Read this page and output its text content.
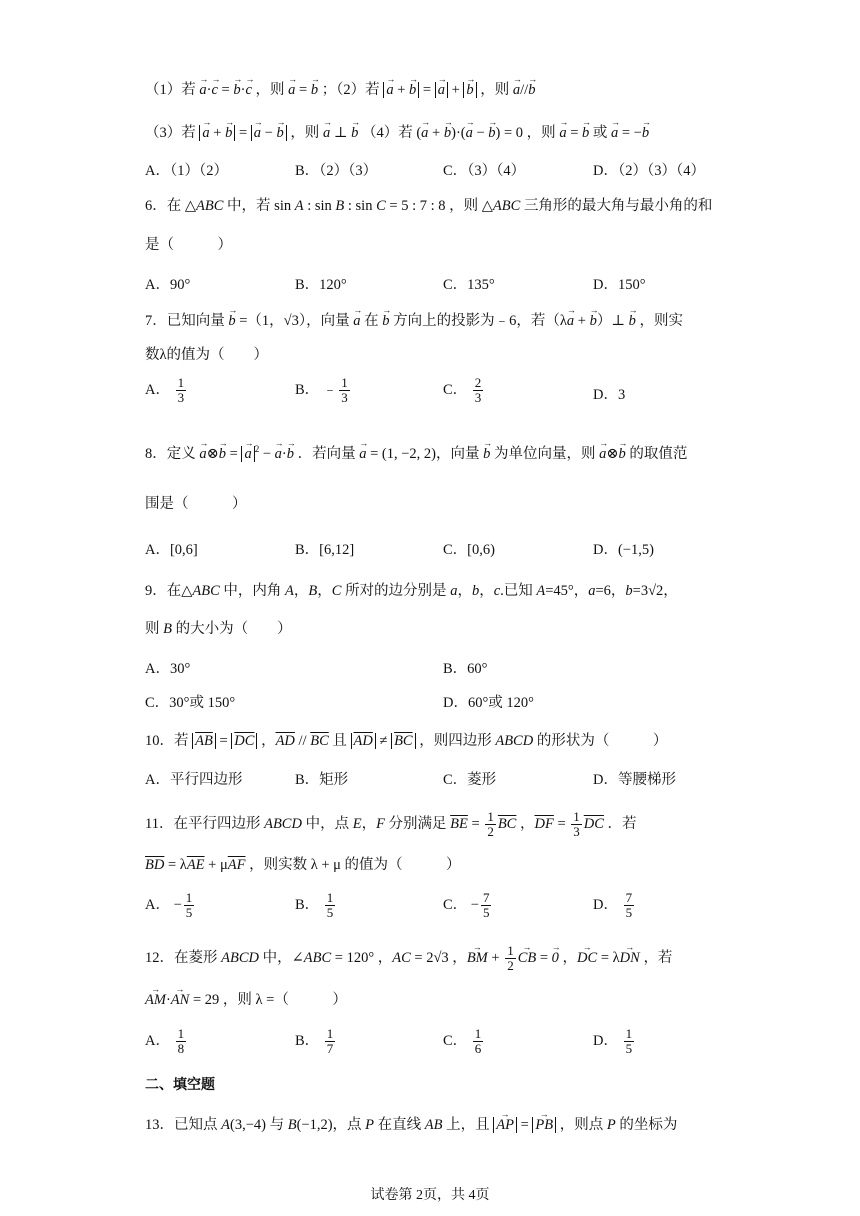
（1）若 → a·→ c = → b·→ c ，则 → a = → b ；（2）若 → a + → b = → a + → b ，则 → a//→ b
（3）若 → a + → b = → a − → b ，则 → a ⊥ → b （4）若 (→ a + → b)·(→ a − → b) = 0 ，则 → a = → b 或 → a = −→ b
A．（1）（2）	B．（2）（3）	C．（3）（4）	D．（2）（3）（4）
6．在 △ABC 中，若 sin A : sin B : sin C = 5 : 7 : 8 ，则 △ABC 三角形的最大角与最小角的和
是（　　　）
A．90°	B．120°	C．135°	D．150°
7．已知向量 → b =（1，√3），向量 → a 在 → b 方向上的投影为﹣6，若（λ→ a + → b）⊥ → b ，则实
数λ的值为（　　）
A． $\frac{1}{3}$	B． ﹣ $\frac{1}{3}$	C． $\frac{2}{3}$	D．3
8．定义 → a⊗→ b = → a $^2$ − → a·→ b ．若向量 → a = (1, −2, 2)，向量 → b 为单位向量，则 → a⊗→ b 的取值范
围是（　　　）
A．[0,6]	B．[6,12]	C．[0,6)	D．(−1,5)
9．在△ABC 中，内角 A，B，C 所对的边分别是 a，b，c.已知 A=45°，a=6，b=3√2，
则 B 的大小为（　　）
A．30°	B．60°
C．30°或 150°	D．60°或 120°
10．若 $\overline{AB} = \overline{DC}$ ，$\overline{AD} // \overline{BC}$ 且 $\overline{AD} \ne \overline{BC}$ ，则四边形 ABCD 的形状为（　　　）
A．平行四边形	B．矩形	C．菱形	D．等腰梯形
11．在平行四边形 ABCD 中，点 E，F 分别满足 $\overline{BE} = \frac{1}{2} \overline{BC}$ ，$\overline{DF} = \frac{1}{3} \overline{DC}$ ．若
$\overline{BD} = \lambda\overline{AE} + \mu\overline{AF}$ ，则实数 λ + μ 的值为（　　　）
A． − $\frac{1}{5}$	B． $\frac{1}{5}$	C． − $\frac{7}{5}$	D． $\frac{7}{5}$
12．在菱形 ABCD 中，∠ABC = 120° ，AC = 2√3 ，→ BM + $\frac{1}{2}$ → CB = → 0 ，→ DC = λ→ DN ，若
→ AM·→ AN = 29 ，则 λ =（　　　）
A． $\frac{1}{8}$	B． $\frac{1}{7}$	C． $\frac{1}{6}$	D． $\frac{1}{5}$
二、填空题
13．已知点 A(3,−4) 与 B(−1,2)，点 P 在直线 AB 上，且 → AP = → PB ，则点 P 的坐标为
试卷第 2页，共 4页
